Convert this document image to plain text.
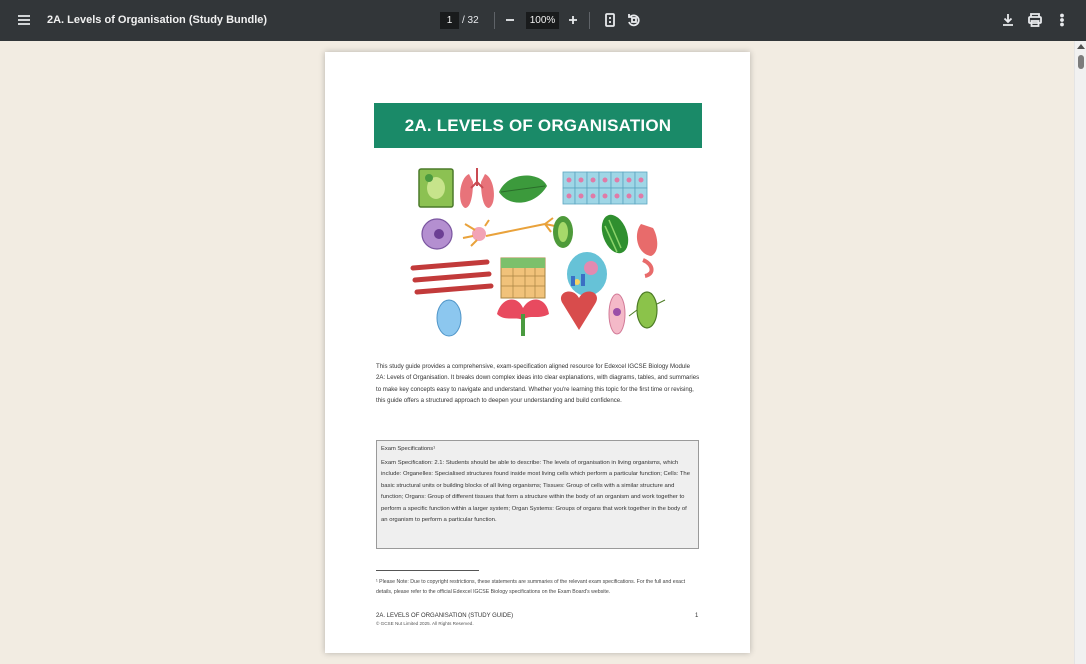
2A. Levels of Organisation (Study Bundle)	1 / 32	100%
2A. LEVELS OF ORGANISATION
This study guide provides a comprehensive, exam-specification aligned resource for Edexcel IGCSE Biology Module 2A: Levels of Organisation. It breaks down complex ideas into clear explanations, with diagrams, tables, and summaries to make key concepts easy to navigate and understand. Whether you're learning this topic for the first time or revising, this guide offers a structured approach to deepen your understanding and build confidence.
Exam Specifications¹
Exam Specification: 2.1: Students should be able to describe: The levels of organisation in living organisms, which include: Organelles: Specialised structures found inside most living cells which perform a particular function; Cells: The basic structural units or building blocks of all living organisms; Tissues: Group of cells with a similar structure and function; Organs: Group of different tissues that form a structure within the body of an organism and work together to perform a specific function within a larger system; Organ Systems: Groups of organs that work together in the body of an organism to perform a particular function.
¹ Please Note: Due to copyright restrictions, these statements are summaries of the relevant exam specifications. For the full and exact details, please refer to the official Edexcel IGCSE Biology specifications on the Exam Board's website.
2A. LEVELS OF ORGANISATION (STUDY GUIDE)
© GCSE Nut Limited 2025. All Rights Reserved.
1
